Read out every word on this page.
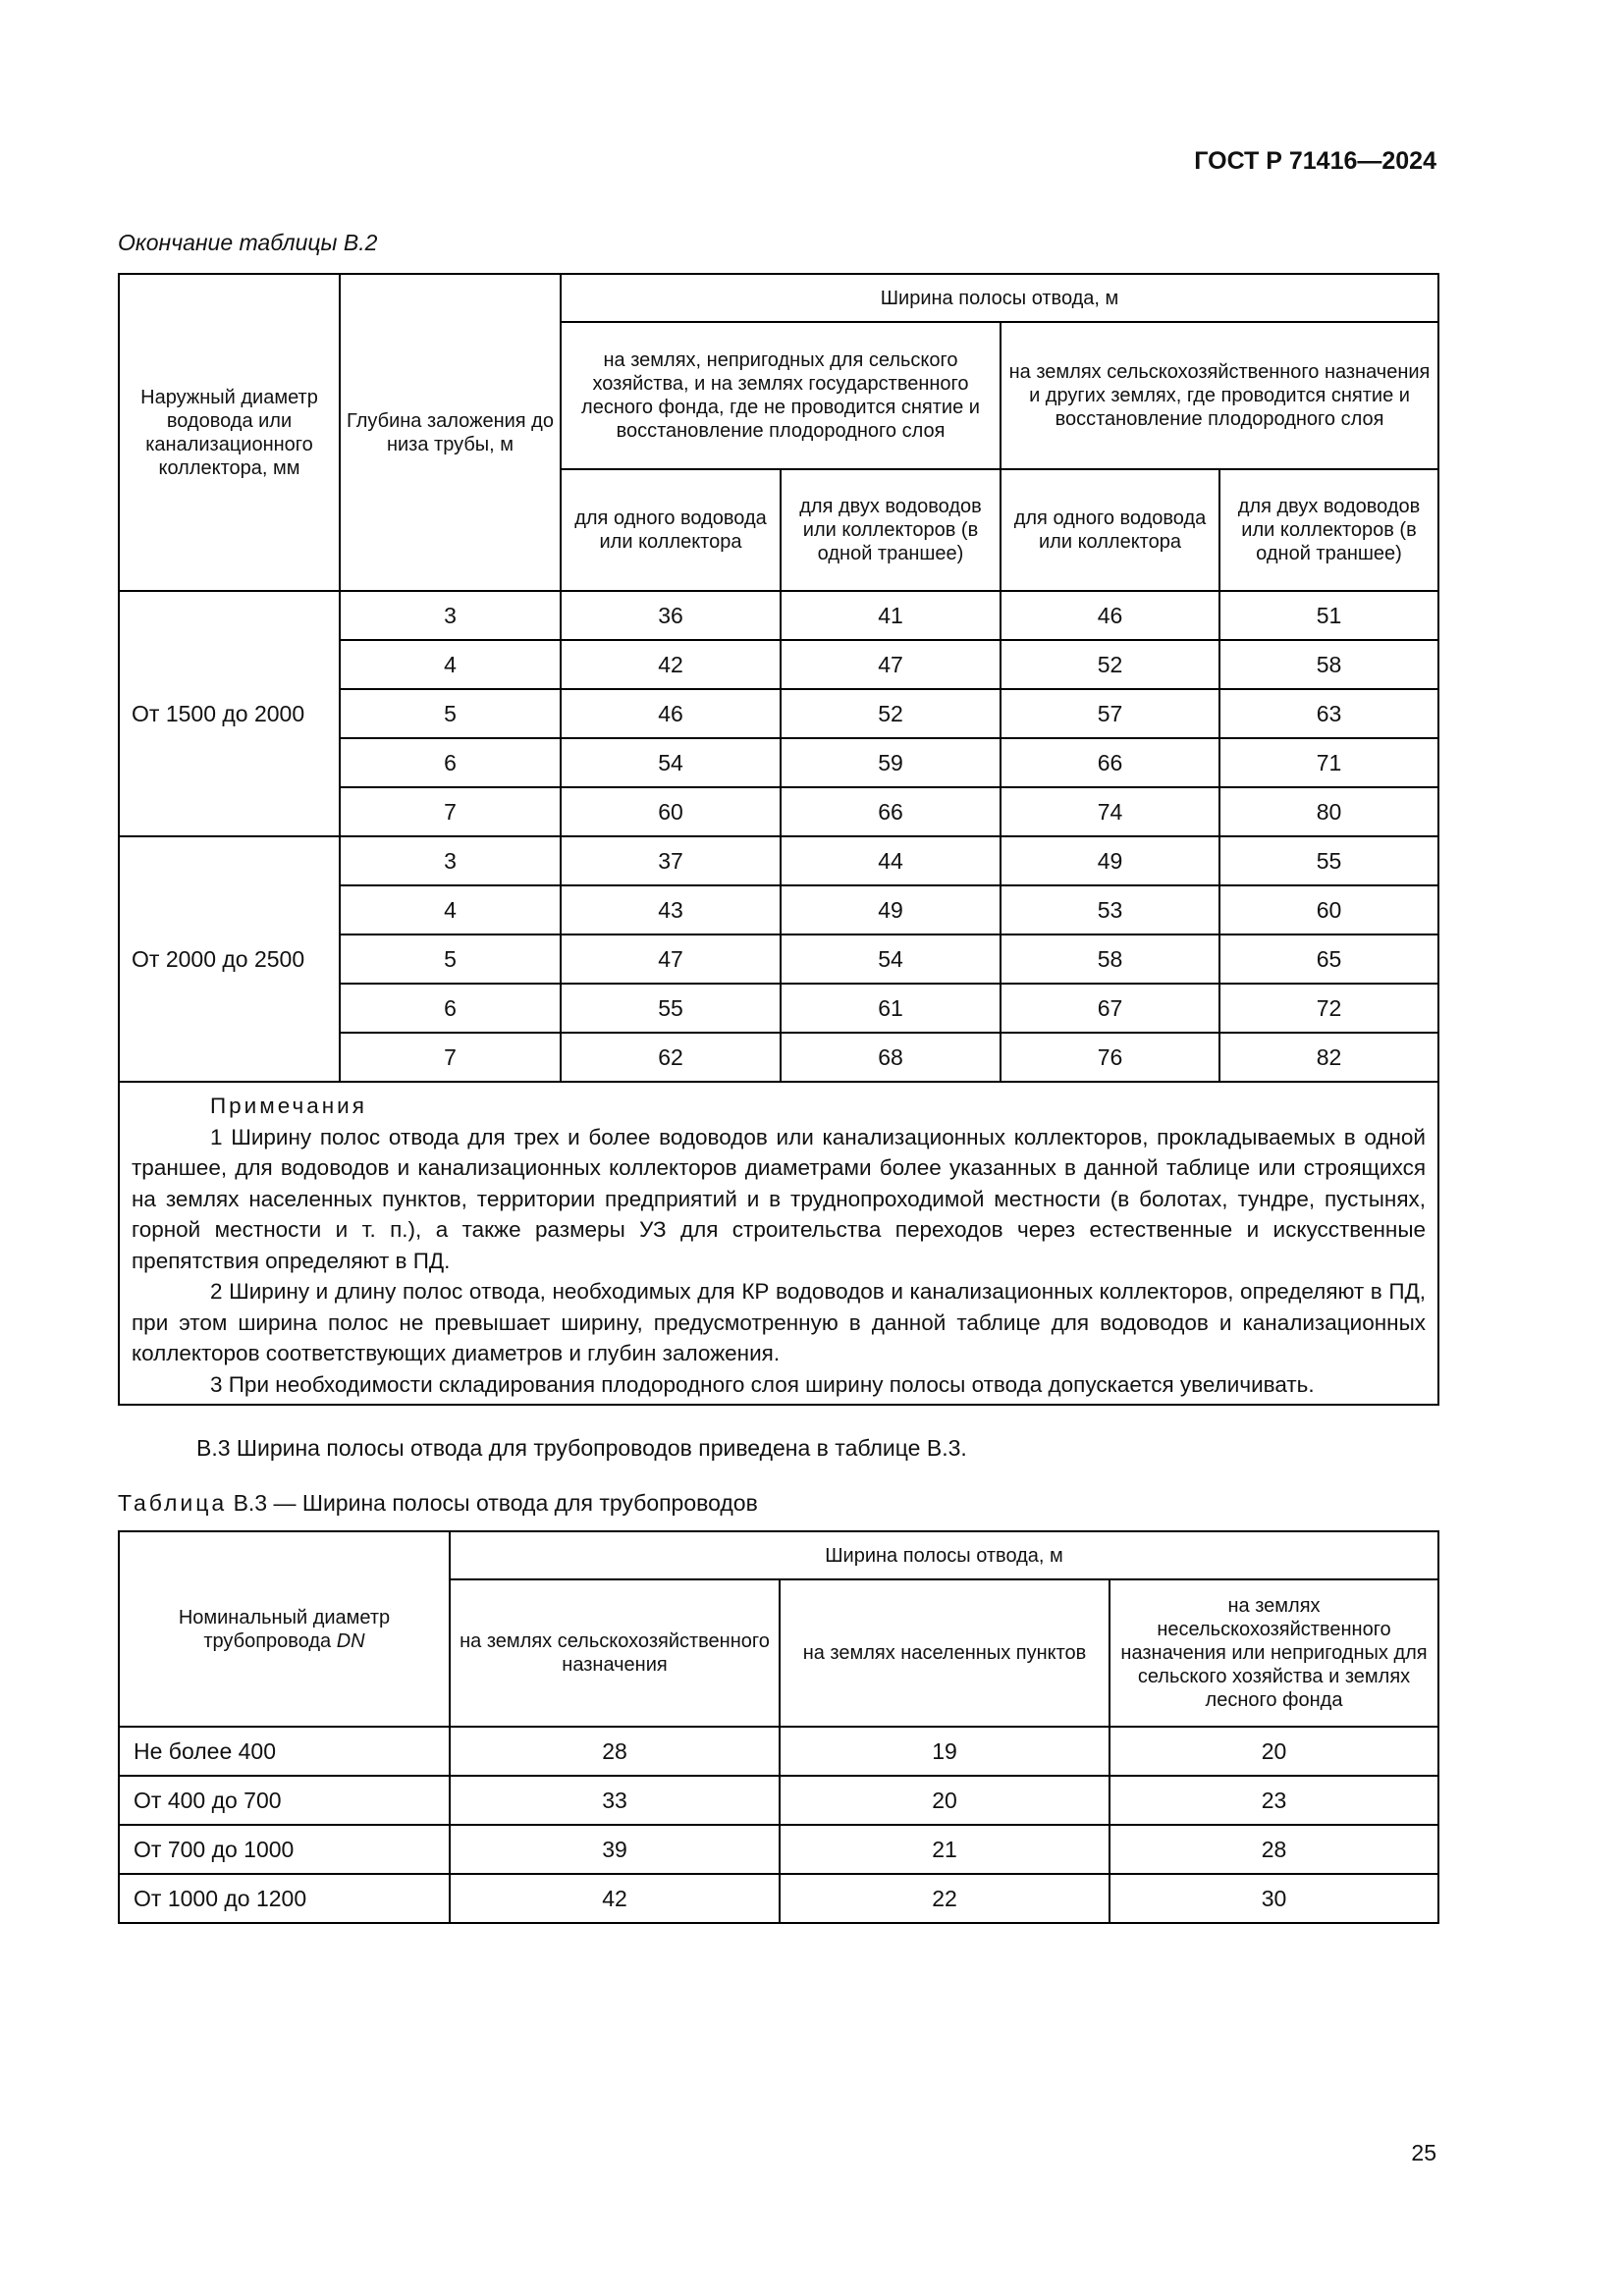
ГОСТ Р 71416—2024
Окончание таблицы В.2
Наружный диаметр водовода или канализационного коллектора, мм	Глубина заложения до низа трубы, м	Ширина полосы отвода, м			
		на землях, непригодных для сельского хозяйства, и на землях государственного лесного фонда, где не проводится снятие и восстановление плодородного слоя		на землях сельскохозяйственного назначения и других землях, где проводится снятие и восстановление плодородного слоя	
		для одного водовода или коллектора	для двух водоводов или коллекторов (в одной траншее)	для одного водовода или коллектора	для двух водоводов или коллекторов (в одной траншее)
От 1500 до 2000	3	36	41	46	51
	4	42	47	52	58
	5	46	52	57	63
	6	54	59	66	71
	7	60	66	74	80
От 2000 до 2500	3	37	44	49	55
	4	43	49	53	60
	5	47	54	58	65
	6	55	61	67	72
	7	62	68	76	82

Примечания
1 Ширину полос отвода для трех и более водоводов или канализационных коллекторов, прокладываемых в одной траншее, для водоводов и канализационных коллекторов диаметрами более указанных в данной таблице или строящихся на землях населенных пунктов, территории предприятий и в труднопроходимой местности (в болотах, тундре, пустынях, горной местности и т. п.), а также размеры УЗ для строительства переходов через естественные и искусственные препятствия определяют в ПД.
2 Ширину и длину полос отвода, необходимых для КР водоводов и канализационных коллекторов, определяют в ПД, при этом ширина полос не превышает ширину, предусмотренную в данной таблице для водоводов и канализационных коллекторов соответствующих диаметров и глубин заложения.
3 При необходимости складирования плодородного слоя ширину полосы отвода допускается увеличивать.					
В.3 Ширина полосы отвода для трубопроводов приведена в таблице В.3.
Таблица В.3 — Ширина полосы отвода для трубопроводов
Номинальный диаметр трубопровода DN	Ширина полосы отвода, м		
	на землях сельскохозяйственного назначения	на землях населенных пунктов	на землях несельскохозяйственного назначения или непригодных для сельского хозяйства и землях лесного фонда
Не более 400	28	19	20
От 400 до 700	33	20	23
От 700 до 1000	39	21	28
От 1000 до 1200	42	22	30
25
